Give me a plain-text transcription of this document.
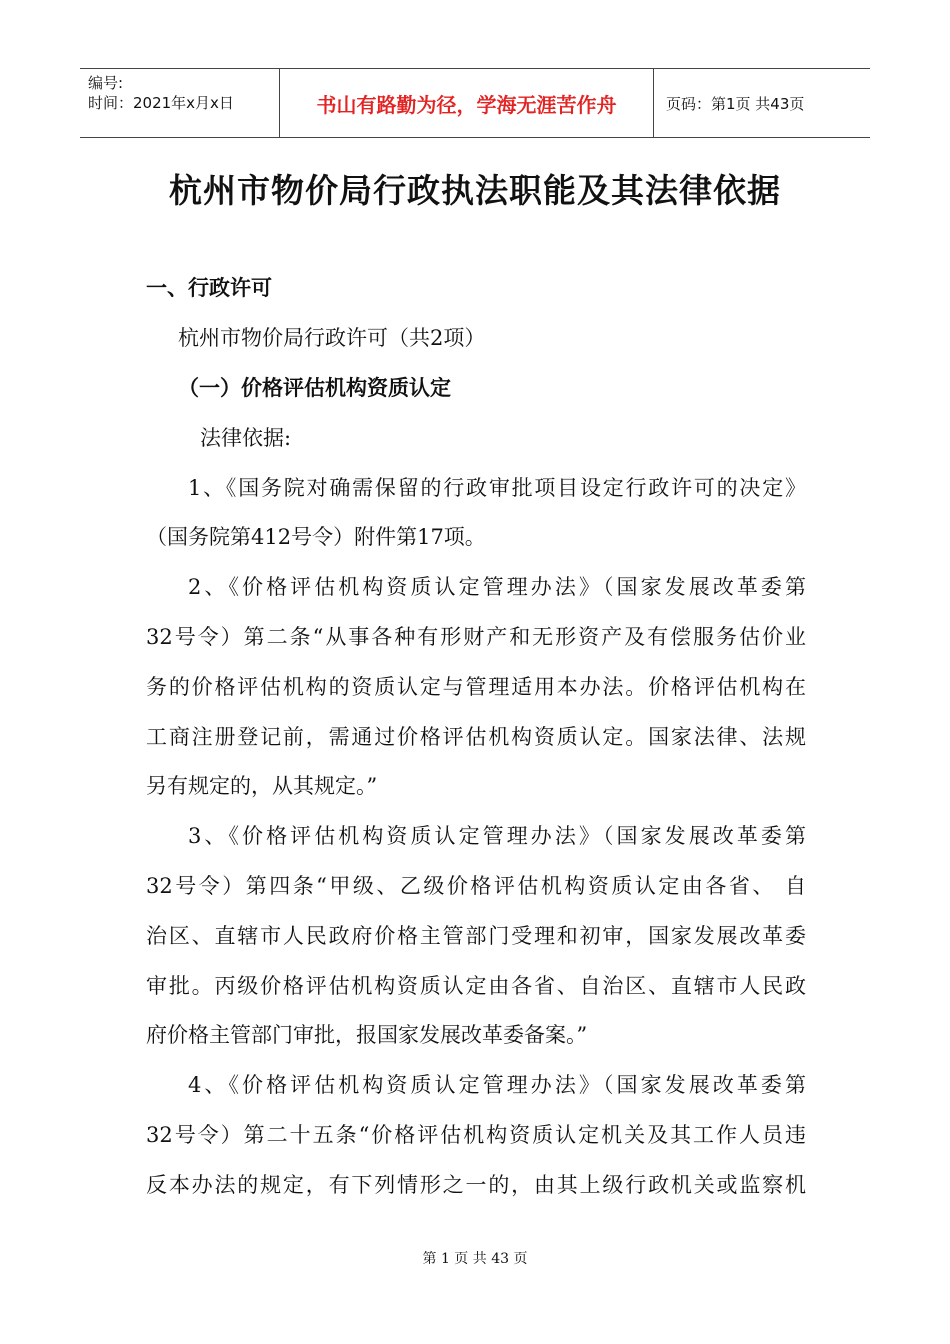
编号:
时间：2021年x月x日	书山有路勤为径，学海无涯苦作舟	页码：第1页 共43页
杭州市物价局行政执法职能及其法律依据
一、行政许可
杭州市物价局行政许可（共2项）
（一）价格评估机构资质认定
法律依据:
1、《国务院对确需保留的行政审批项目设定行政许可的决定》
（国务院第412号令）附件第17项。
2、《价格评估机构资质认定管理办法》（国家发展改革委第
32号令）第二条“从事各种有形财产和无形资产及有偿服务估价业
务的价格评估机构的资质认定与管理适用本办法。价格评估机构在
工商注册登记前，需通过价格评估机构资质认定。国家法律、法规
另有规定的，从其规定。”
3、《价格评估机构资质认定管理办法》（国家发展改革委第
32号令）第四条“甲级、乙级价格评估机构资质认定由各省、 自
治区、直辖市人民政府价格主管部门受理和初审，国家发展改革委
审批。丙级价格评估机构资质认定由各省、自治区、直辖市人民政
府价格主管部门审批，报国家发展改革委备案。”
4、《价格评估机构资质认定管理办法》（国家发展改革委第
32号令）第二十五条“价格评估机构资质认定机关及其工作人员违
反本办法的规定，有下列情形之一的，由其上级行政机关或监察机
第 1 页 共 43 页
